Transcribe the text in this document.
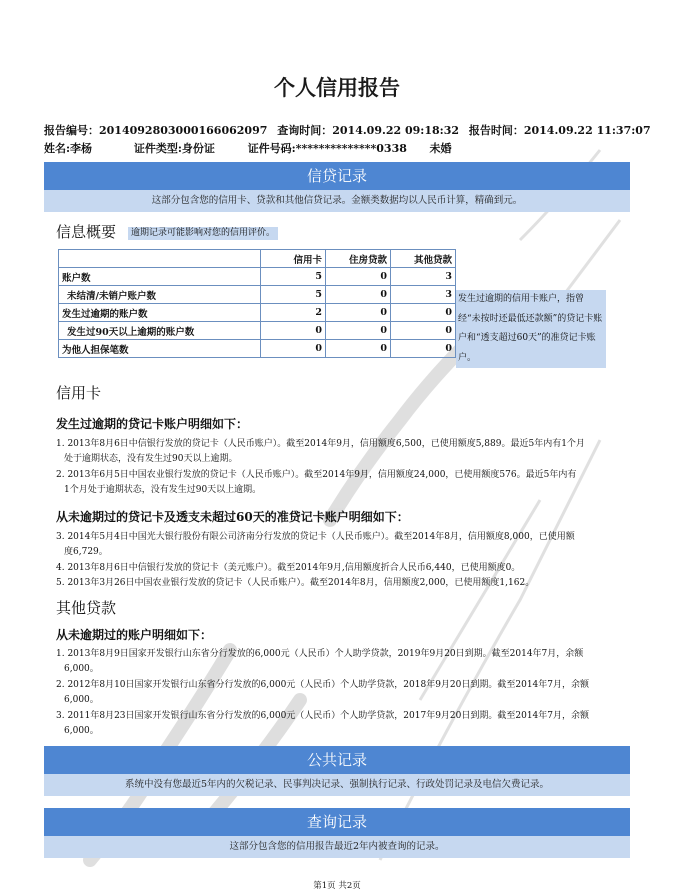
个人信用报告
报告编号：2014092803000166062097 查询时间：2014.09.22 09:18:32 报告时间：2014.09.22 11:37:07
姓名:李杨	证件类型:身份证	证件号码:**************0338 未婚
信贷记录
这部分包含您的信用卡、贷款和其他信贷记录。金额类数据均以人民币计算，精确到元。
信息概要	逾期记录可能影响对您的信用评价。
	信用卡	住房贷款	其他贷款
账户数	5	0	3
未结清/未销户账户数	5	0	3
发生过逾期的账户数	2	0	0
发生过90天以上逾期的账户数	0	0	0
为他人担保笔数	0	0	0
发生过逾期的信用卡账户，指曾经“未按时还最低还款额”的贷记卡账户和“透支超过60天”的准贷记卡账户。
信用卡
发生过逾期的贷记卡账户明细如下：
1. 2013年8月6日中信银行发放的贷记卡（人民币账户）。截至2014年9月，信用额度6,500，已使用额度5,889。最近5年内有1个月
处于逾期状态，没有发生过90天以上逾期。
2. 2013年6月5日中国农业银行发放的贷记卡（人民币账户）。截至2014年9月，信用额度24,000，已使用额度576。最近5年内有
1个月处于逾期状态，没有发生过90天以上逾期。
从未逾期过的贷记卡及透支未超过60天的准贷记卡账户明细如下：
3. 2014年5月4日中国光大银行股份有限公司济南分行发放的贷记卡（人民币账户）。截至2014年8月，信用额度8,000，已使用额
度6,729。
4. 2013年8月6日中信银行发放的贷记卡（美元账户）。截至2014年9月,信用额度折合人民币6,440，已使用额度0。
5. 2013年3月26日中国农业银行发放的贷记卡（人民币账户）。截至2014年8月，信用额度2,000，已使用额度1,162。
其他贷款
从未逾期过的账户明细如下：
1. 2013年8月9日国家开发银行山东省分行发放的6,000元（人民币）个人助学贷款，2019年9月20日到期。截至2014年7月，余额
6,000。
2. 2012年8月10日国家开发银行山东省分行发放的6,000元（人民币）个人助学贷款，2018年9月20日到期。截至2014年7月，余额
6,000。
3. 2011年8月23日国家开发银行山东省分行发放的6,000元（人民币）个人助学贷款，2017年9月20日到期。截至2014年7月，余额
6,000。
公共记录
系统中没有您最近5年内的欠税记录、民事判决记录、强制执行记录、行政处罚记录及电信欠费记录。
查询记录
这部分包含您的信用报告最近2年内被查询的记录。
第1页 共2页
